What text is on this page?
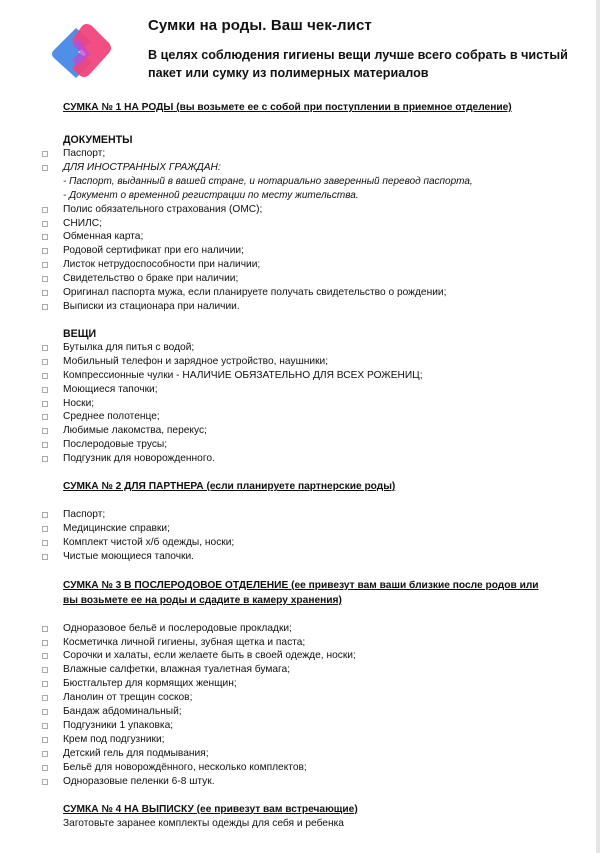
Сумки на роды. Ваш чек-лист
В целях соблюдения гигиены вещи лучше всего собрать в чистый пакет или сумку из полимерных материалов
СУМКА № 1 НА РОДЫ (вы возьмете ее с собой при поступлении в приемное отделение)
ДОКУМЕНТЫ
Паспорт;
ДЛЯ ИНОСТРАННЫХ ГРАЖДАН:
- Паспорт, выданный в вашей стране, и нотариально заверенный перевод паспорта,
- Документ о временной регистрации по месту жительства.
Полис обязательного страхования (ОМС);
СНИЛС;
Обменная карта;
Родовой сертификат при его наличии;
Листок нетрудоспособности при наличии;
Свидетельство о браке при наличии;
Оригинал паспорта мужа, если планируете получать свидетельство о рождении;
Выписки из стационара при наличии.
ВЕЩИ
Бутылка для питья с водой;
Мобильный телефон и зарядное устройство, наушники;
Компрессионные чулки - НАЛИЧИЕ ОБЯЗАТЕЛЬНО ДЛЯ ВСЕХ РОЖЕНИЦ;
Моющиеся тапочки;
Носки;
Среднее полотенце;
Любимые лакомства, перекус;
Послеродовые трусы;
Подгузник для новорожденного.
СУМКА № 2 ДЛЯ ПАРТНЕРА (если планируете партнерские роды)
Паспорт;
Медицинские справки;
Комплект чистой х/б одежды, носки;
Чистые моющиеся тапочки.
СУМКА № 3 В ПОСЛЕРОДОВОЕ ОТДЕЛЕНИЕ (ее привезут вам ваши близкие после родов или вы возьмете ее на роды и сдадите в камеру хранения)
Одноразовое бельё и послеродовые прокладки;
Косметичка личной гигиены, зубная щетка и паста;
Сорочки и халаты, если желаете быть в своей одежде, носки;
Влажные салфетки, влажная туалетная бумага;
Бюстгальтер для кормящих женщин;
Ланолин от трещин сосков;
Бандаж абдоминальный;
Подгузники 1 упаковка;
Крем под подгузники;
Детский гель для подмывания;
Бельё для новорождённого, несколько комплектов;
Одноразовые пеленки 6-8 штук.
СУМКА № 4 НА ВЫПИСКУ (ее привезут вам встречающие)
Заготовьте заранее комплекты одежды для себя и ребенка
